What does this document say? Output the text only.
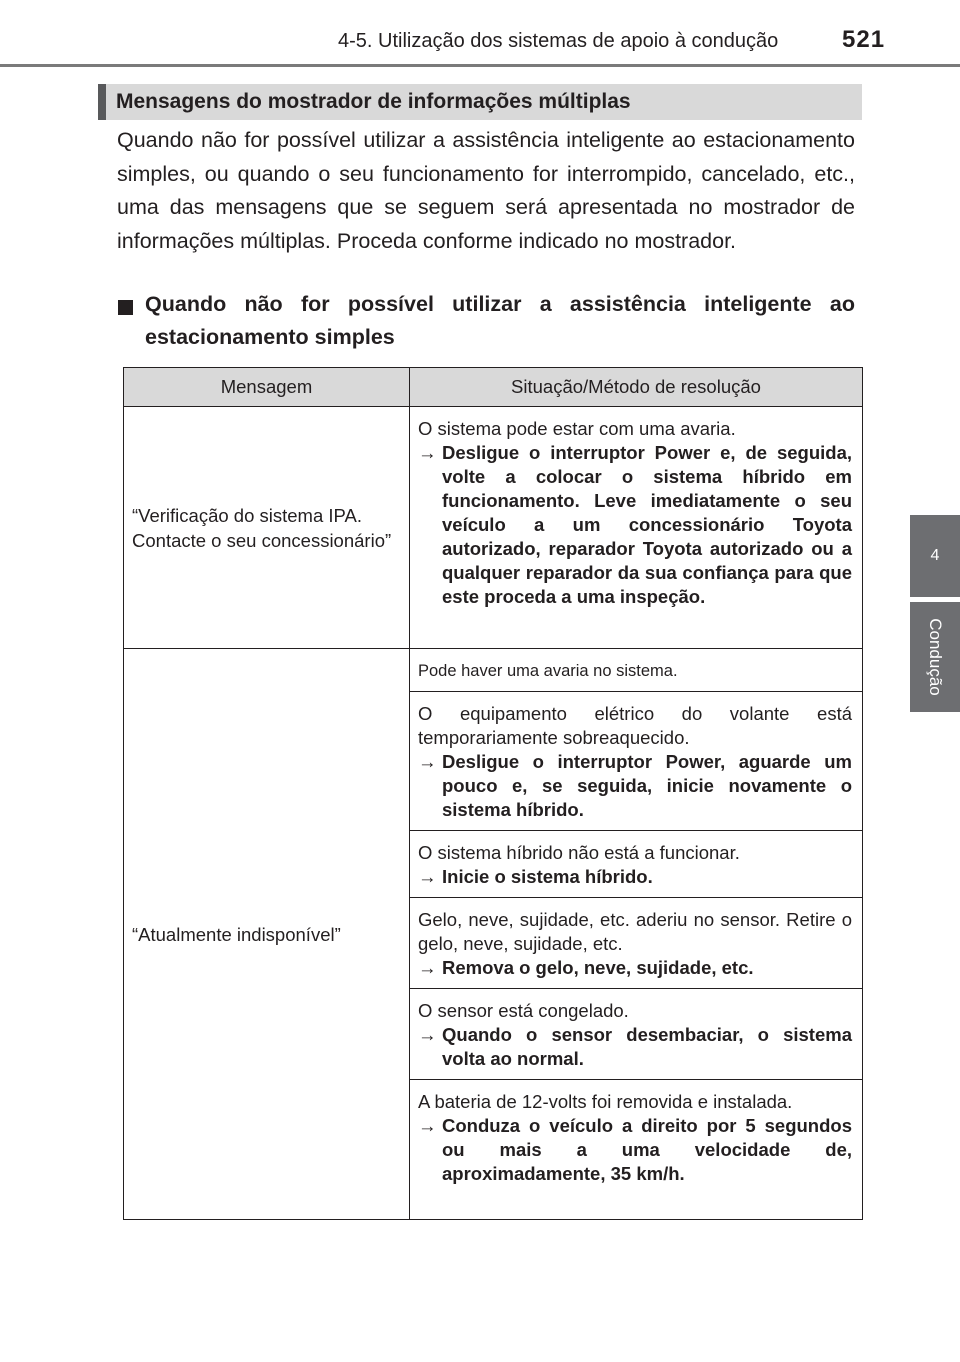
4-5. Utilização dos sistemas de apoio à condução	521
4
Condução
Mensagens do mostrador de informações múltiplas
Quando não for possível utilizar a assistência inteligente ao estacionamento simples, ou quando o seu funcionamento for interrompido, cancelado, etc., uma das mensagens que se seguem será apresentada no mostrador de informações múltiplas. Proceda conforme indicado no mostrador.
Quando não for possível utilizar a assistência inteligente ao estacionamento simples
Mensagem	Situação/Método de resolução
“Verificação do sistema IPA. Contacte o seu concessionário”	O sistema pode estar com uma avaria.

→ Desligue o interruptor Power e, de seguida, volte a colocar o sistema híbrido em funcionamento. Leve imediatamente o seu veículo a um concessionário Toyota autorizado, reparador Toyota autorizado ou a qualquer reparador da sua confiança para que este proceda a uma inspeção.

“Atualmente indisponível”	Pode haver uma avaria no sistema.

	O equipamento elétrico do volante está temporariamente sobreaquecido.

→ Desligue o interruptor Power, aguarde um pouco e, se seguida, inicie novamente o sistema híbrido.

	O sistema híbrido não está a funcionar.

→ Inicie o sistema híbrido.

	Gelo, neve, sujidade, etc. aderiu no sensor. Retire o gelo, neve, sujidade, etc.

→ Remova o gelo, neve, sujidade, etc.

	O sensor está congelado.

→ Quando o sensor desembaciar, o sistema volta ao normal.

	A bateria de 12-volts foi removida e instalada.

→ Conduza o veículo a direito por 5 segundos ou mais a uma velocidade de, aproximadamente, 35 km/h.
